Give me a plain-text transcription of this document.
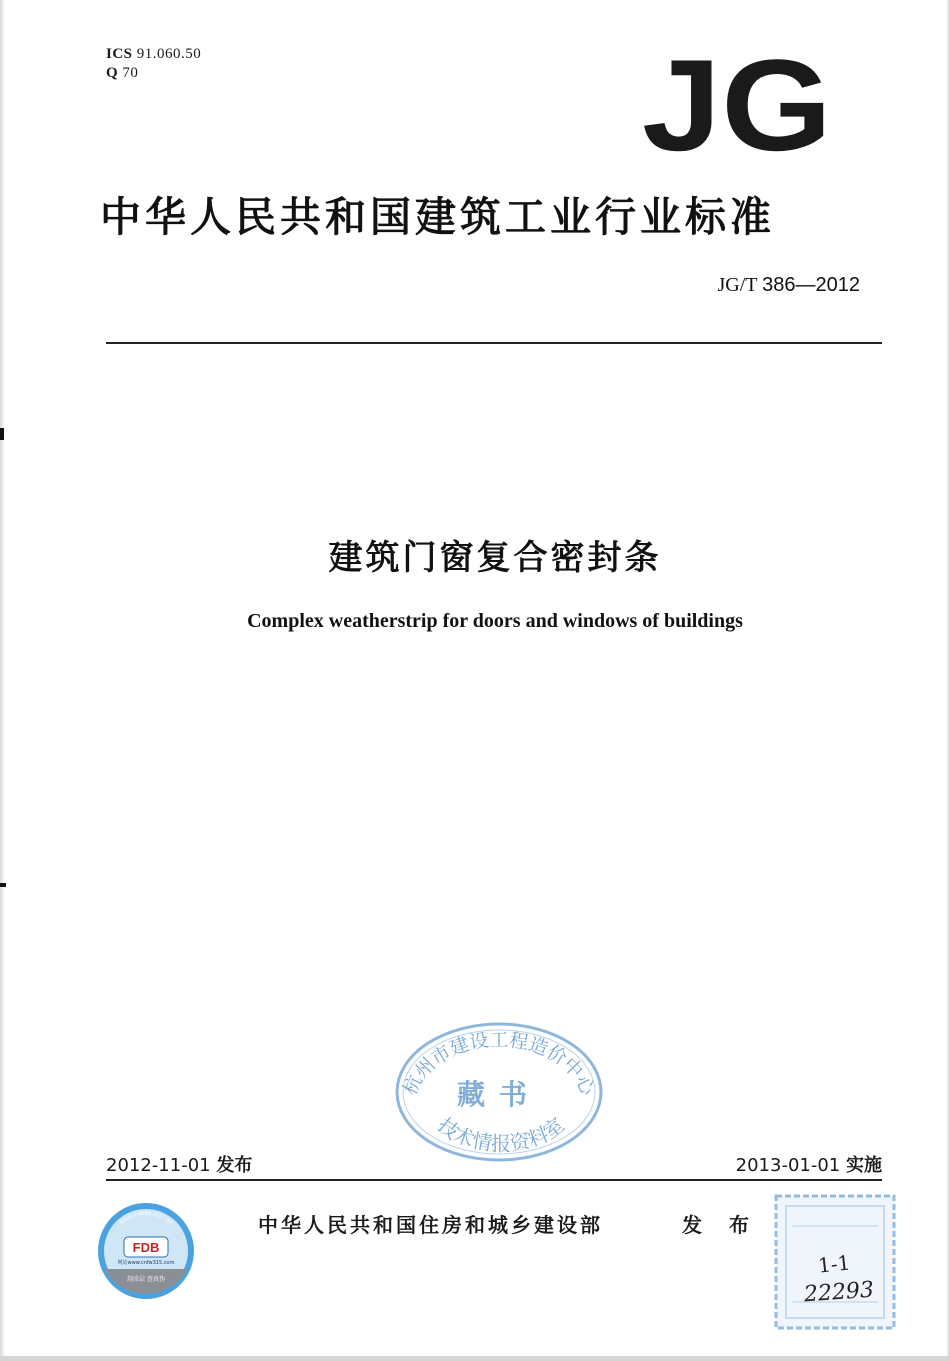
ICS 91.060.50
Q 70	JG
中华人民共和国建筑工业行业标准
JG/T 386—2012
建筑门窗复合密封条
Complex weatherstrip for doors and windows of buildings
杭州市建设工程造价中心
藏书
技术情报资料室
2012-11-01 发布	2013-01-01 实施
查询电话4006-315-315
FDB
网站www.cnfw315.com
刮涂层 查真伪
中华人民共和国住房和城乡建设部	发 布
1-1
22293
